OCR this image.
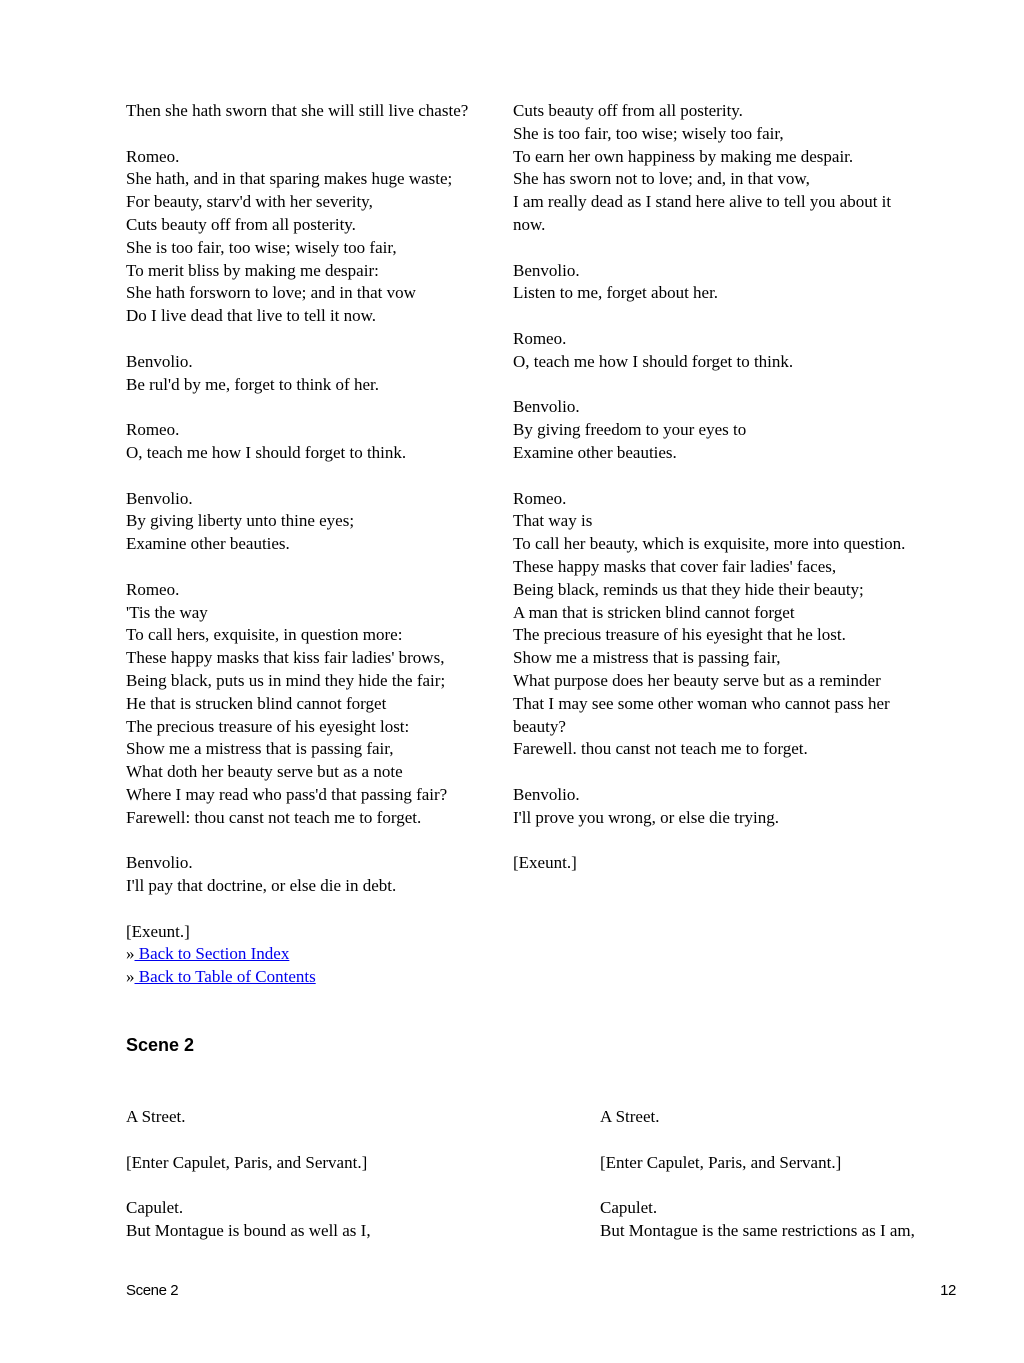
Then she hath sworn that she will still live chaste?
Romeo.
She hath, and in that sparing makes huge waste;
For beauty, starv'd with her severity,
Cuts beauty off from all posterity.
She is too fair, too wise; wisely too fair,
To merit bliss by making me despair:
She hath forsworn to love; and in that vow
Do I live dead that live to tell it now.
Benvolio.
Be rul'd by me, forget to think of her.
Romeo.
O, teach me how I should forget to think.
Benvolio.
By giving liberty unto thine eyes;
Examine other beauties.
Romeo.
'Tis the way
To call hers, exquisite, in question more:
These happy masks that kiss fair ladies' brows,
Being black, puts us in mind they hide the fair;
He that is strucken blind cannot forget
The precious treasure of his eyesight lost:
Show me a mistress that is passing fair,
What doth her beauty serve but as a note
Where I may read who pass'd that passing fair?
Farewell: thou canst not teach me to forget.
Benvolio.
I'll pay that doctrine, or else die in debt.
[Exeunt.]
» Back to Section Index
» Back to Table of Contents
Cuts beauty off from all posterity.
She is too fair, too wise; wisely too fair,
To earn her own happiness by making me despair.
She has sworn not to love; and, in that vow,
I am really dead as I stand here alive to tell you about it
now.
Benvolio.
Listen to me, forget about her.
Romeo.
O, teach me how I should forget to think.
Benvolio.
By giving freedom to your eyes to
Examine other beauties.
Romeo.
That way is
To call her beauty, which is exquisite, more into question.
These happy masks that cover fair ladies' faces,
Being black, reminds us that they hide their beauty;
A man that is stricken blind cannot forget
The precious treasure of his eyesight that he lost.
Show me a mistress that is passing fair,
What purpose does her beauty serve but as a reminder
That I may see some other woman who cannot pass her
beauty?
Farewell. thou canst not teach me to forget.
Benvolio.
I'll prove you wrong, or else die trying.
[Exeunt.]
Scene 2
A Street.
[Enter Capulet, Paris, and Servant.]
Capulet.
But Montague is bound as well as I,
A Street.
[Enter Capulet, Paris, and Servant.]
Capulet.
But Montague is the same restrictions as I am,
Scene 2	12
